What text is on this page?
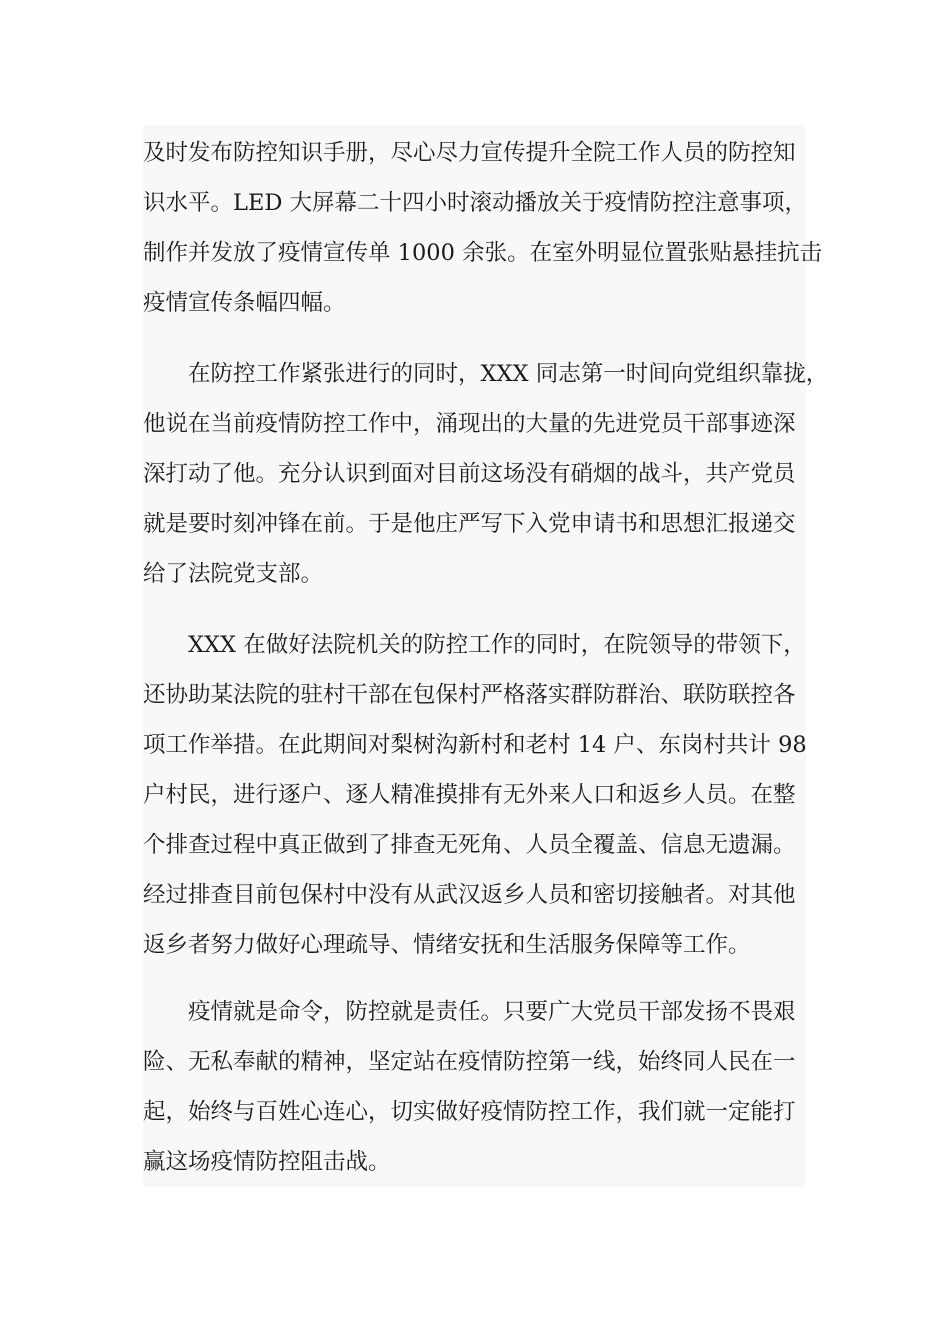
及时发布防控知识手册，尽心尽力宣传提升全院工作人员的防控知
识水平。LED 大屏幕二十四小时滚动播放关于疫情防控注意事项，
制作并发放了疫情宣传单 1000 余张。在室外明显位置张贴悬挂抗击
疫情宣传条幅四幅。
在防控工作紧张进行的同时，XXX 同志第一时间向党组织靠拢，
他说在当前疫情防控工作中，涌现出的大量的先进党员干部事迹深
深打动了他。充分认识到面对目前这场没有硝烟的战斗，共产党员
就是要时刻冲锋在前。于是他庄严写下入党申请书和思想汇报递交
给了法院党支部。
XXX 在做好法院机关的防控工作的同时，在院领导的带领下，
还协助某法院的驻村干部在包保村严格落实群防群治、联防联控各
项工作举措。在此期间对梨树沟新村和老村 14 户、东岗村共计 98
户村民，进行逐户、逐人精准摸排有无外来人口和返乡人员。在整
个排查过程中真正做到了排查无死角、人员全覆盖、信息无遗漏。
经过排查目前包保村中没有从武汉返乡人员和密切接触者。对其他
返乡者努力做好心理疏导、情绪安抚和生活服务保障等工作。
疫情就是命令，防控就是责任。只要广大党员干部发扬不畏艰
险、无私奉献的精神，坚定站在疫情防控第一线，始终同人民在一
起，始终与百姓心连心，切实做好疫情防控工作，我们就一定能打
赢这场疫情防控阻击战。
